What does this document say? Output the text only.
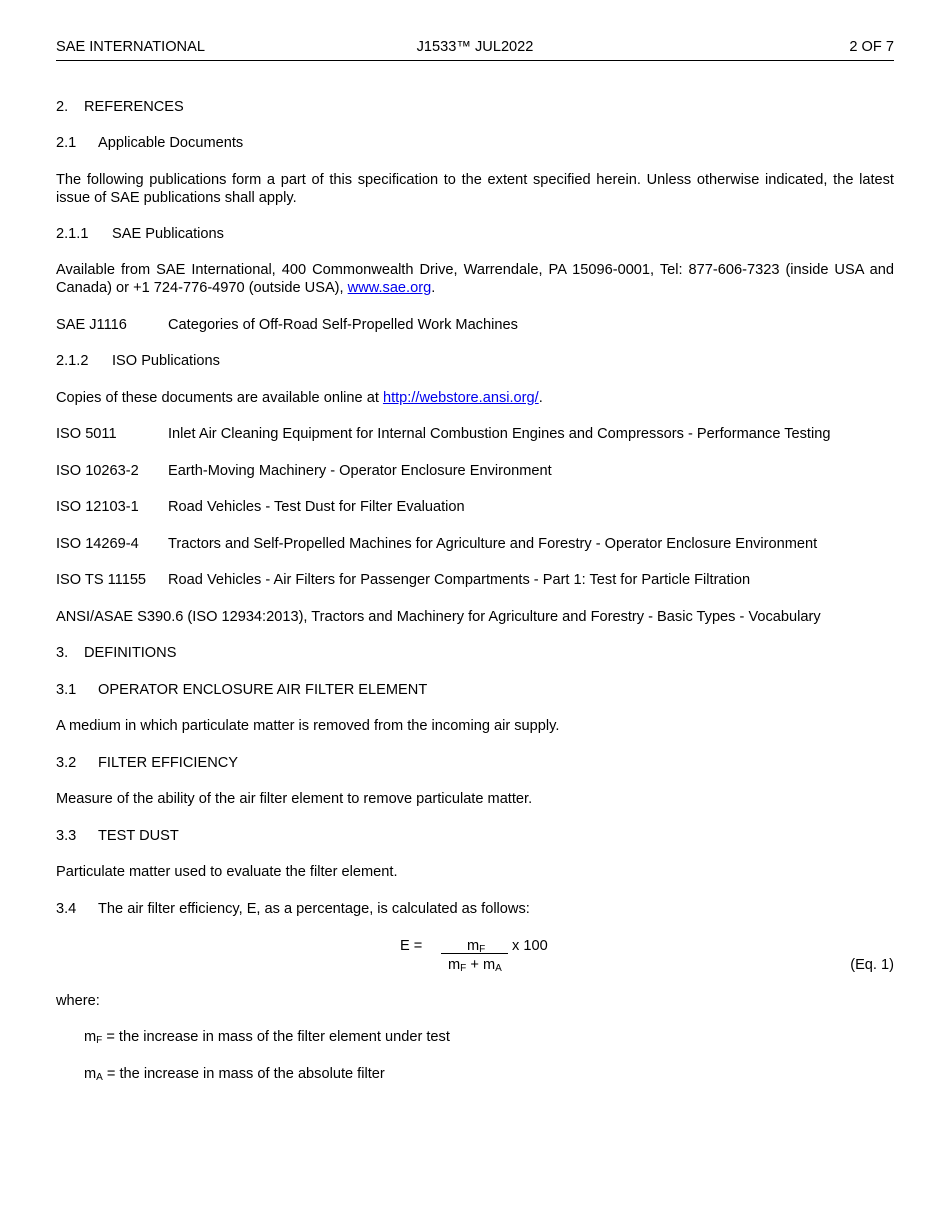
SAE INTERNATIONAL	J1533™ JUL2022	2 OF 7
2. REFERENCES
2.1 Applicable Documents
The following publications form a part of this specification to the extent specified herein. Unless otherwise indicated, the latest issue of SAE publications shall apply.
2.1.1 SAE Publications
Available from SAE International, 400 Commonwealth Drive, Warrendale, PA 15096-0001, Tel: 877-606-7323 (inside USA and Canada) or +1 724-776-4970 (outside USA), www.sae.org.
SAE J1116	Categories of Off-Road Self-Propelled Work Machines
2.1.2 ISO Publications
Copies of these documents are available online at http://webstore.ansi.org/.
ISO 5011	Inlet Air Cleaning Equipment for Internal Combustion Engines and Compressors - Performance Testing
ISO 10263-2 Earth-Moving Machinery - Operator Enclosure Environment
ISO 12103-1 Road Vehicles - Test Dust for Filter Evaluation
ISO 14269-4 Tractors and Self-Propelled Machines for Agriculture and Forestry - Operator Enclosure Environment
ISO TS 11155 Road Vehicles - Air Filters for Passenger Compartments - Part 1: Test for Particle Filtration
ANSI/ASAE S390.6 (ISO 12934:2013), Tractors and Machinery for Agriculture and Forestry - Basic Types - Vocabulary
3. DEFINITIONS
3.1 OPERATOR ENCLOSURE AIR FILTER ELEMENT
A medium in which particulate matter is removed from the incoming air supply.
3.2 FILTER EFFICIENCY
Measure of the ability of the air filter element to remove particulate matter.
3.3 TEST DUST
Particulate matter used to evaluate the filter element.
3.4 The air filter efficiency, E, as a percentage, is calculated as follows:
E =	$m_F$ x 100
$m_F + m_A$	(Eq. 1)
where:
$m_F$ = the increase in mass of the filter element under test
$m_A$ = the increase in mass of the absolute filter
